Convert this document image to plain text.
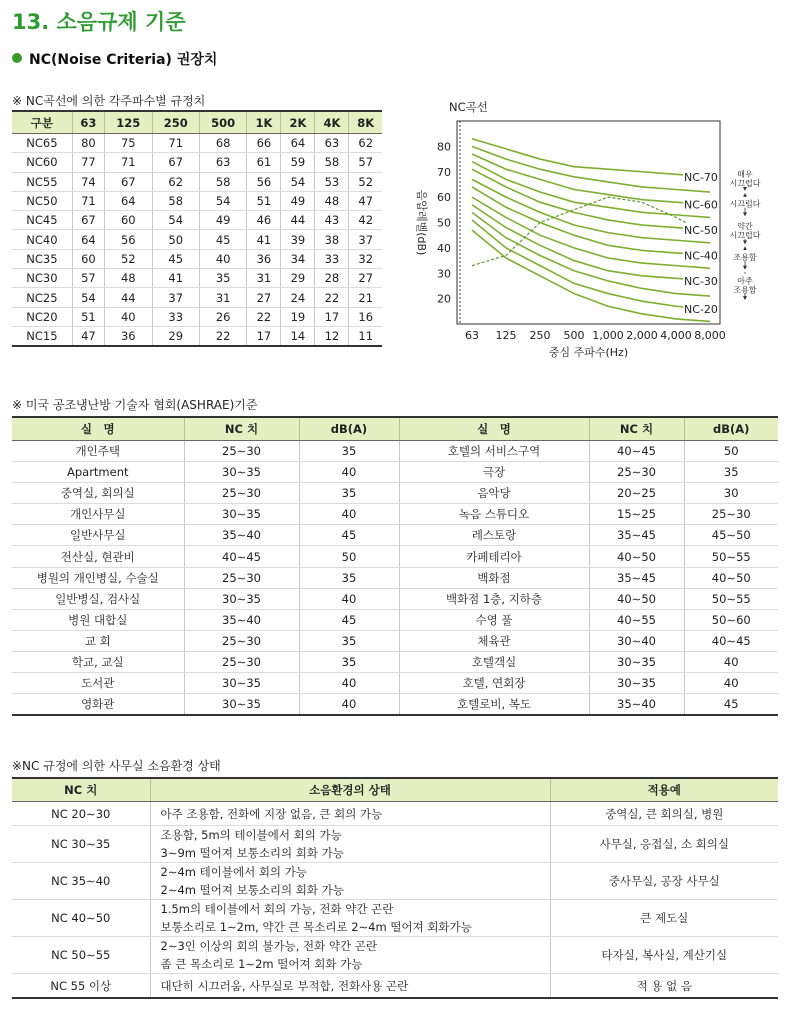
13. 소음규제 기준
NC(Noise Criteria) 권장치
※ NC곡선에 의한 각주파수별 규정치
구분	63	125	250	500	1K	2K	4K	8K
NC65	80	75	71	68	66	64	63	62
NC60	77	71	67	63	61	59	58	57
NC55	74	67	62	58	56	54	53	52
NC50	71	64	58	54	51	49	48	47
NC45	67	60	54	49	46	44	43	42
NC40	64	56	50	45	41	39	38	37
NC35	60	52	45	40	36	34	33	32
NC30	57	48	41	35	31	29	28	27
NC25	54	44	37	31	27	24	22	21
NC20	51	40	33	26	22	19	17	16
NC15	47	36	29	22	17	14	12	11
NC곡선
20
30
40
50
60
70
80
63 125 250 500 1,000 2,000 4,000 8,000
중심 주파수(Hz)
음압레벨(dB)
NC-70
NC-60
NC-50
NC-40
NC-30
NC-20
매우 시끄럽다
시끄럽다
약간 시끄럽다
조용함
아주 조용함
※ 미국 공조냉난방 기술자 협회(ASHRAE)기준
실　명	NC 치	dB(A)	실　명	NC 치	dB(A)
개인주택	25∼30	35	호텔의 서비스구역	40∼45	50
Apartment	30∼35	40	극장	25∼30	35
중역실, 회의실	25∼30	35	음악당	20∼25	30
개인사무실	30∼35	40	녹음 스튜디오	15∼25	25∼30
일반사무실	35∼40	45	레스토랑	35∼45	45∼50
전산실, 현관비	40∼45	50	카페테리아	40∼50	50∼55
병원의 개인병실, 수술실	25∼30	35	백화점	35∼45	40∼50
일반병실, 검사실	30∼35	40	백화점 1층, 지하층	40∼50	50∼55
병원 대합실	35∼40	45	수영 풀	40∼55	50∼60
교 회	25∼30	35	체육관	30∼40	40∼45
학교, 교실	25∼30	35	호텔객실	30∼35	40
도서관	30∼35	40	호텔, 연회장	30∼35	40
영화관	30∼35	40	호텔로비, 복도	35∼40	45
※NC 규정에 의한 사무실 소음환경 상태
NC 치	소음환경의 상태	적용예
NC 20∼30	아주 조용함, 전화에 지장 없음, 큰 회의 가능	중역실, 큰 회의실, 병원
NC 30∼35	조용함, 5m의 테이블에서 회의 가능
3∼9m 떨어져 보통소리의 회화 가능	사무실, 응접실, 소 회의실
NC 35∼40	2∼4m 테이블에서 회의 가능
2∼4m 떨어져 보통소리의 회화 가능	중사무실, 공장 사무실
NC 40∼50	1.5m의 테이블에서 회의 가능, 전화 약간 곤란
보통소리로 1∼2m, 약간 큰 목소리로 2∼4m 떨어져 회화가능	큰 제도실
NC 50∼55	2∼3인 이상의 회의 불가능, 전화 약간 곤란
좀 큰 목소리로 1∼2m 떨어져 회화 가능	타자실, 복사실, 계산기실
NC 55 이상	대단히 시끄러움, 사무실로 부적합, 전화사용 곤란	적 용 없 음
